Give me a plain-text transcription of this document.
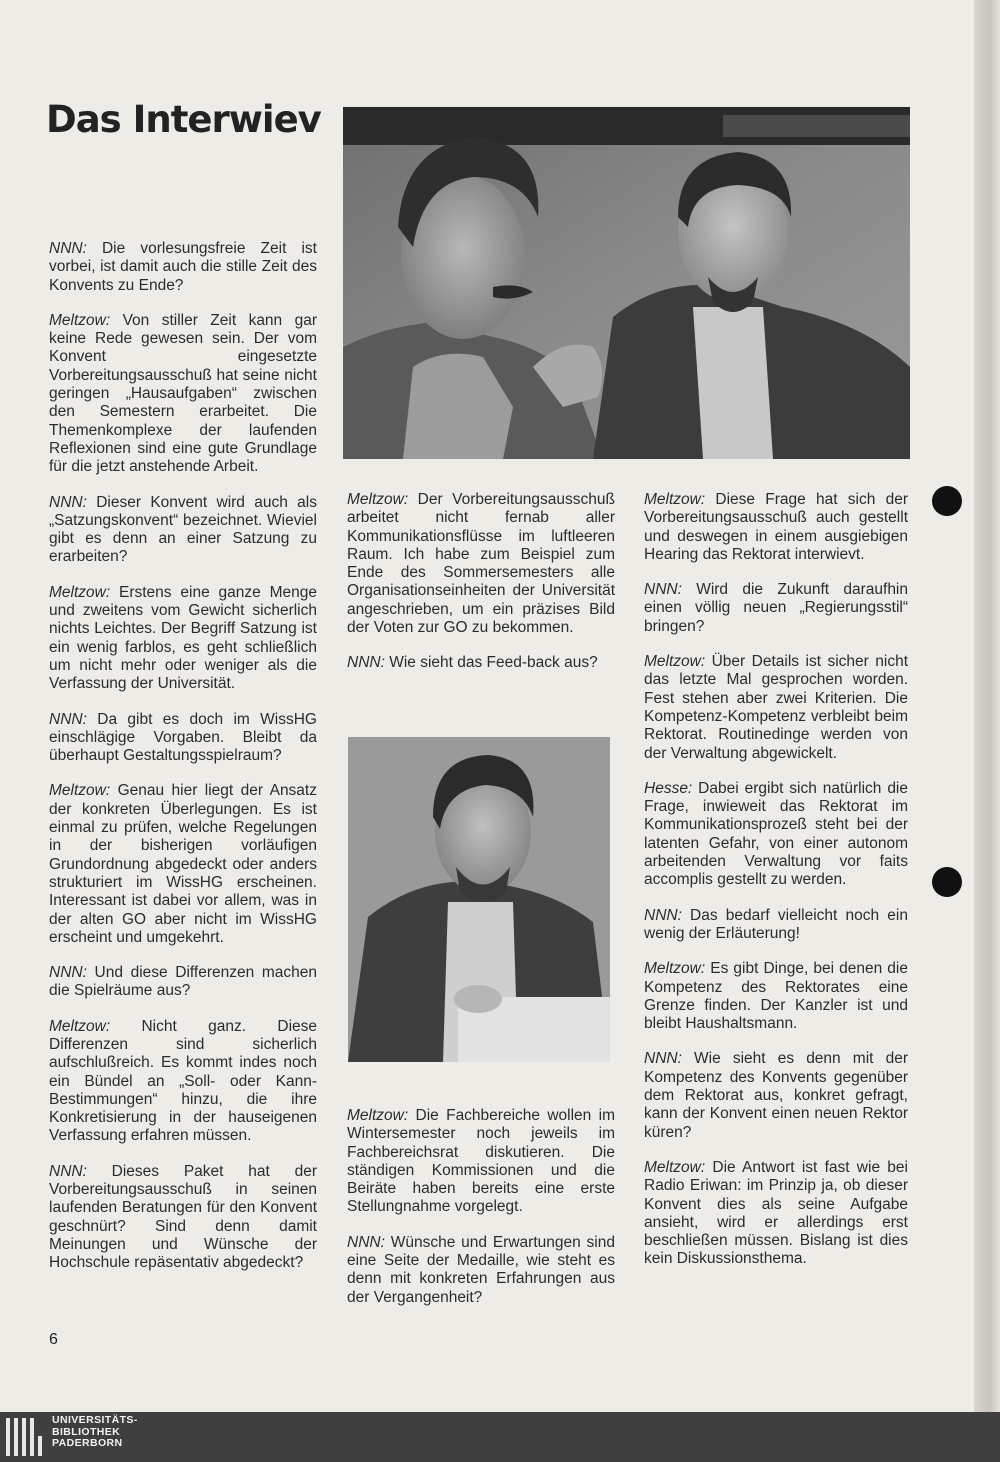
Das Interwiev

NNN: Die vorlesungsfreie Zeit ist vorbei, ist damit auch die stille Zeit des Konvents zu Ende?

Meltzow: Von stiller Zeit kann gar keine Rede gewesen sein. Der vom Konvent eingesetzte Vorbereitungsausschuß hat seine nicht geringen „Hausaufgaben“ zwischen den Semestern erarbeitet. Die Themenkomplexe der laufenden Reflexionen sind eine gute Grundlage für die jetzt anstehende Arbeit.

NNN: Dieser Konvent wird auch als „Satzungskonvent“ bezeichnet. Wieviel gibt es denn an einer Satzung zu erarbeiten?

Meltzow: Erstens eine ganze Menge und zweitens vom Gewicht sicherlich nichts Leichtes. Der Begriff Satzung ist ein wenig farblos, es geht schließlich um nicht mehr oder weniger als die Verfassung der Universität.

NNN: Da gibt es doch im WissHG einschlägige Vorgaben. Bleibt da überhaupt Gestaltungsspielraum?

Meltzow: Genau hier liegt der Ansatz der konkreten Überlegungen. Es ist einmal zu prüfen, welche Regelungen in der bisherigen vorläufigen Grundordnung abgedeckt oder anders strukturiert im WissHG erscheinen. Interessant ist dabei vor allem, was in der alten GO aber nicht im WissHG erscheint und umgekehrt.

NNN: Und diese Differenzen machen die Spielräume aus?

Meltzow: Nicht ganz. Diese Differenzen sind sicherlich aufschlußreich. Es kommt indes noch ein Bündel an „Soll- oder Kann-Bestimmungen“ hinzu, die ihre Konkretisierung in der hauseigenen Verfassung erfahren müssen.

NNN: Dieses Paket hat der Vorbereitungsausschuß in seinen laufenden Beratungen für den Konvent geschnürt? Sind denn damit Meinungen und Wünsche der Hochschule repäsentativ abgedeckt?

Meltzow: Der Vorbereitungsausschuß arbeitet nicht fernab aller Kommunikationsflüsse im luftleeren Raum. Ich habe zum Beispiel zum Ende des Sommersemesters alle Organisationseinheiten der Universität angeschrieben, um ein präzises Bild der Voten zur GO zu bekommen.

NNN: Wie sieht das Feed-back aus?

Meltzow: Die Fachbereiche wollen im Wintersemester noch jeweils im Fachbereichsrat diskutieren. Die ständigen Kommissionen und die Beiräte haben bereits eine erste Stellungnahme vorgelegt.

NNN: Wünsche und Erwartungen sind eine Seite der Medaille, wie steht es denn mit konkreten Erfahrungen aus der Vergangenheit?

Meltzow: Diese Frage hat sich der Vorbereitungsausschuß auch gestellt und deswegen in einem ausgiebigen Hearing das Rektorat interwievt.

NNN: Wird die Zukunft daraufhin einen völlig neuen „Regierungsstil“ bringen?

Meltzow: Über Details ist sicher nicht das letzte Mal gesprochen worden. Fest stehen aber zwei Kriterien. Die Kompetenz-Kompetenz verbleibt beim Rektorat. Routinedinge werden von der Verwaltung abgewickelt.

Hesse: Dabei ergibt sich natürlich die Frage, inwieweit das Rektorat im Kommunikationsprozeß steht bei der latenten Gefahr, von einer autonom arbeitenden Verwaltung vor faits accomplis gestellt zu werden.

NNN: Das bedarf vielleicht noch ein wenig der Erläuterung!

Meltzow: Es gibt Dinge, bei denen die Kompetenz des Rektorates eine Grenze finden. Der Kanzler ist und bleibt Haushaltsmann.

NNN: Wie sieht es denn mit der Kompetenz des Konvents gegenüber dem Rektorat aus, konkret gefragt, kann der Konvent einen neuen Rektor küren?

Meltzow: Die Antwort ist fast wie bei Radio Eriwan: im Prinzip ja, ob dieser Konvent dies als seine Aufgabe ansieht, wird er allerdings erst beschließen müssen. Bislang ist dies kein Diskussionsthema.

6
UNIVERSITÄTS-
BIBLIOTHEK
PADERBORN
